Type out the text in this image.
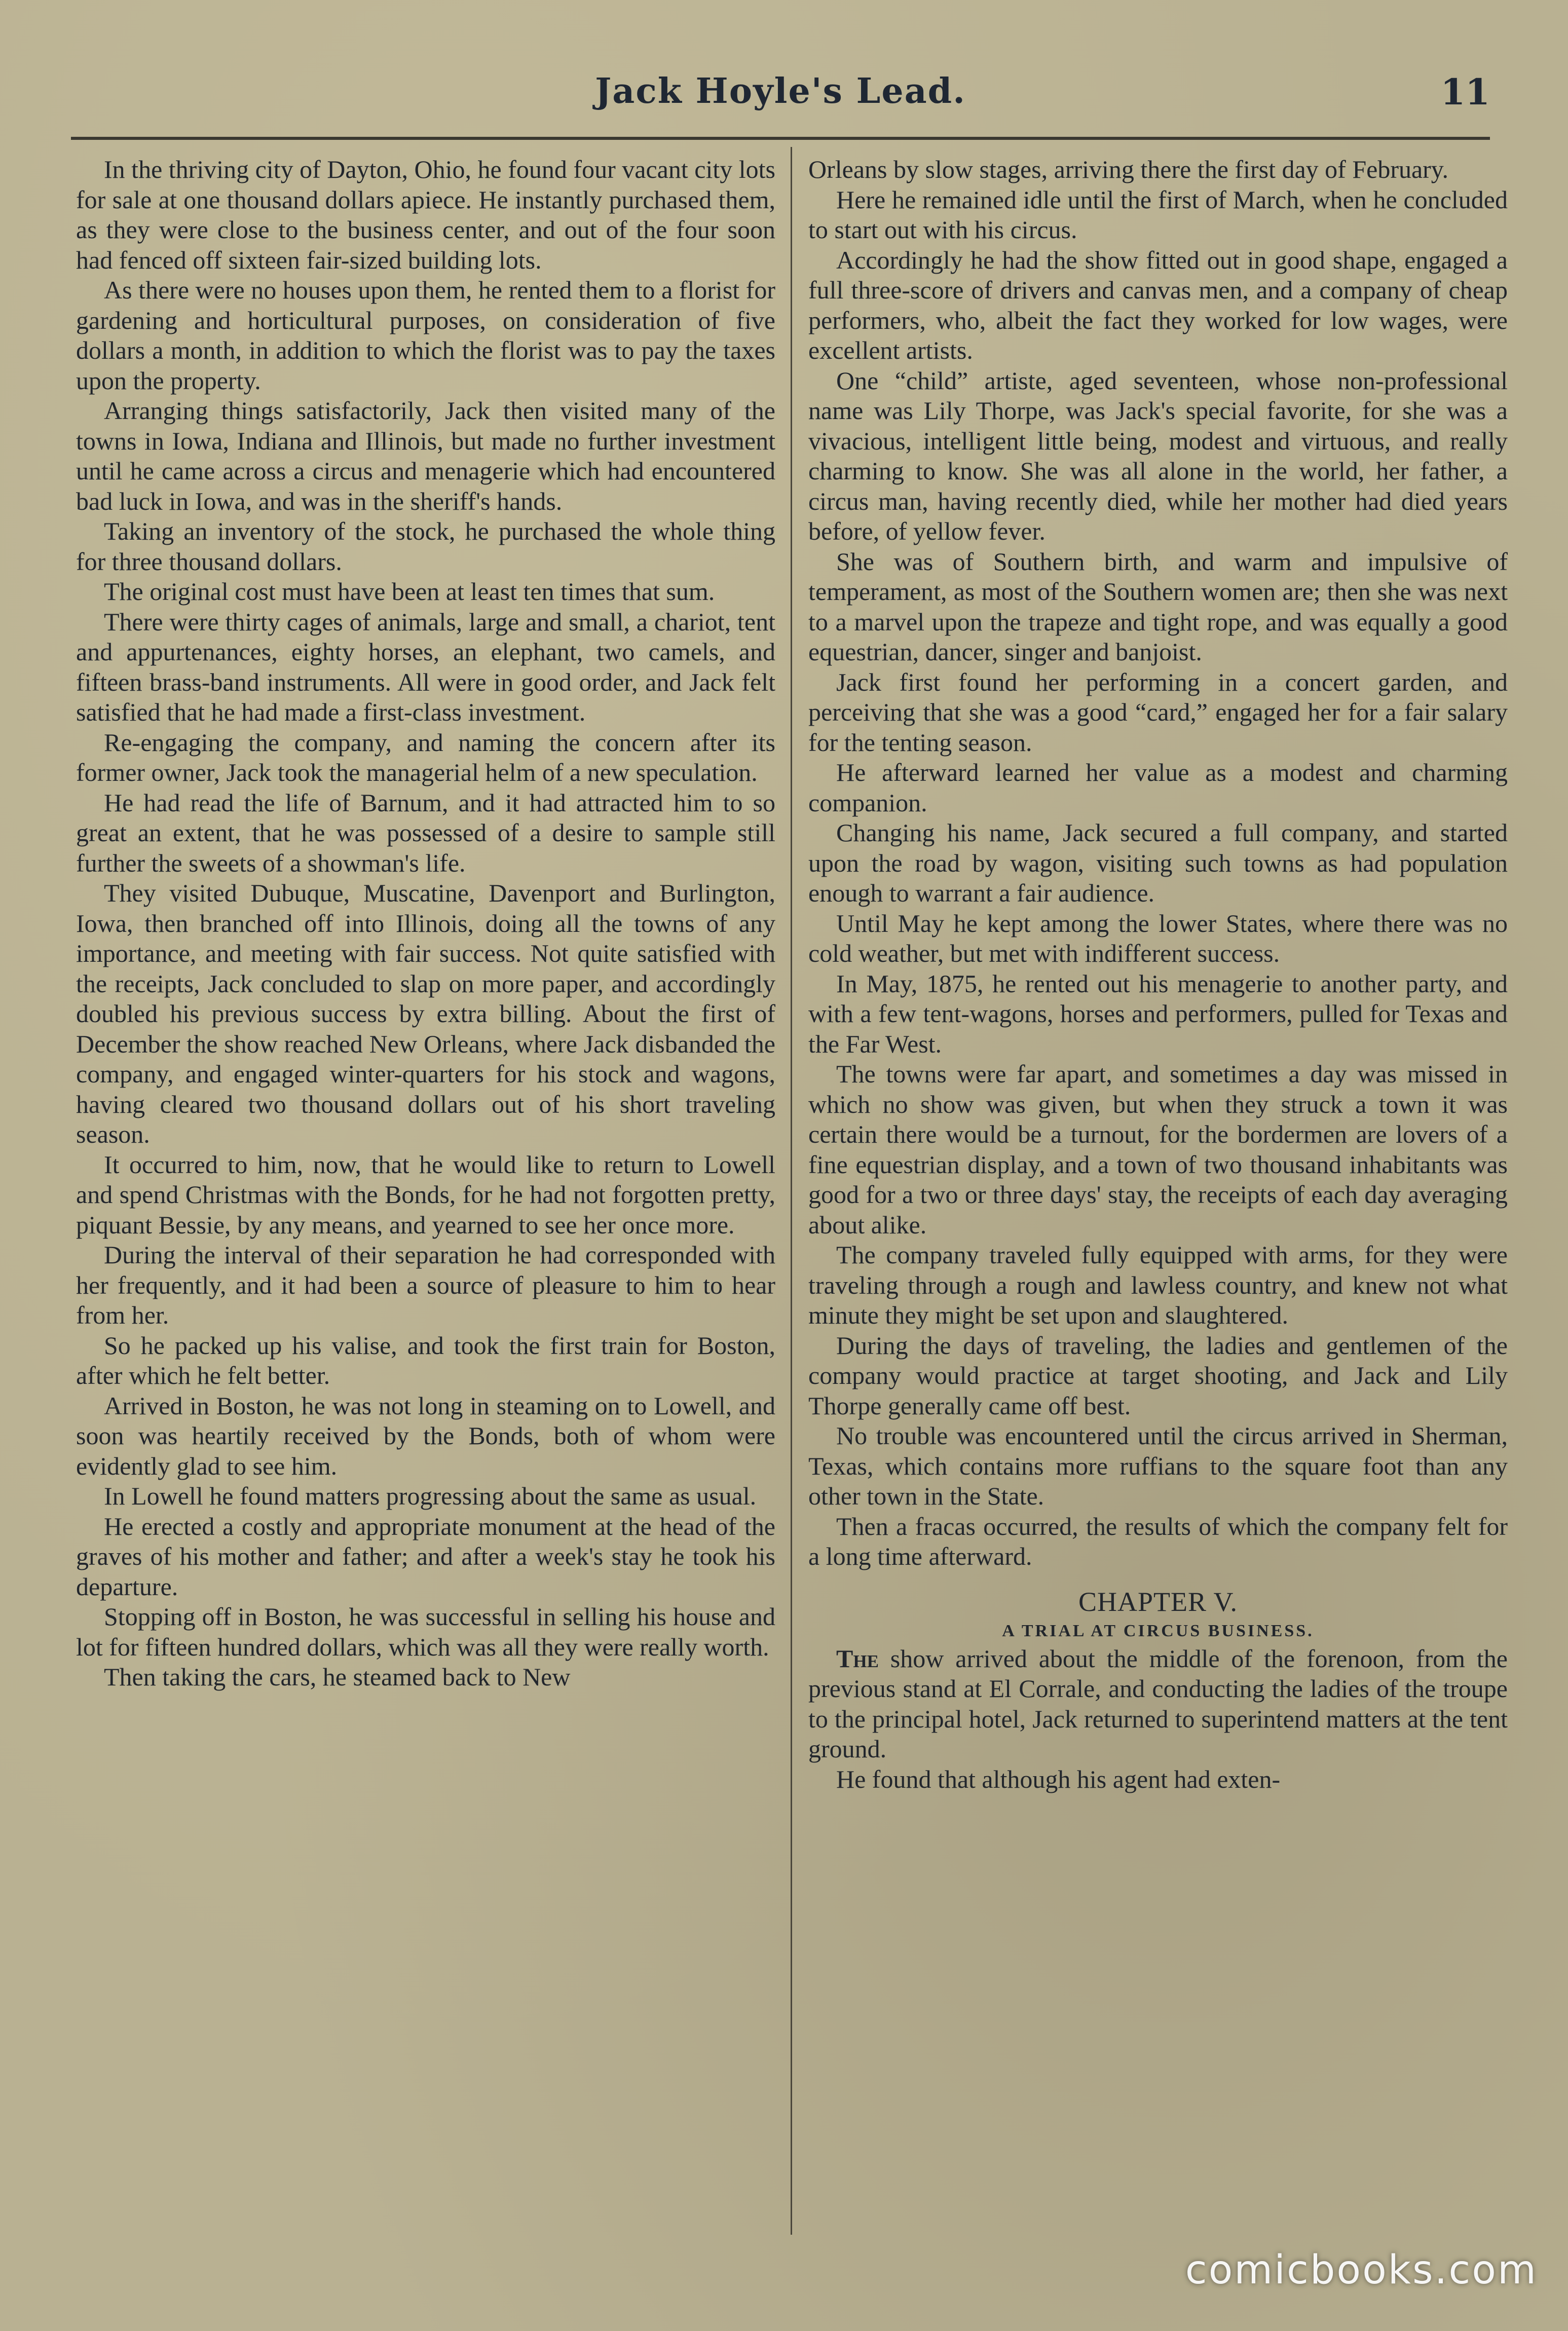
Jack Hoyle's Lead.	11

In the thriving city of Dayton, Ohio, he found four vacant city lots for sale at one thousand dollars apiece. He instantly purchased them, as they were close to the business center, and out of the four soon had fenced off sixteen fair-sized building lots.

As there were no houses upon them, he rented them to a florist for gardening and horticultural purposes, on consideration of five dollars a month, in addition to which the florist was to pay the taxes upon the property.

Arranging things satisfactorily, Jack then visited many of the towns in Iowa, Indiana and Illinois, but made no further investment until he came across a circus and menagerie which had encountered bad luck in Iowa, and was in the sheriff's hands.

Taking an inventory of the stock, he purchased the whole thing for three thousand dollars.

The original cost must have been at least ten times that sum.

There were thirty cages of animals, large and small, a chariot, tent and appurtenances, eighty horses, an elephant, two camels, and fifteen brass-band instruments. All were in good order, and Jack felt satisfied that he had made a first-class investment.

Re-engaging the company, and naming the concern after its former owner, Jack took the managerial helm of a new speculation.

He had read the life of Barnum, and it had attracted him to so great an extent, that he was possessed of a desire to sample still further the sweets of a showman's life.

They visited Dubuque, Muscatine, Davenport and Burlington, Iowa, then branched off into Illinois, doing all the towns of any importance, and meeting with fair success. Not quite satisfied with the receipts, Jack concluded to slap on more paper, and accordingly doubled his previous success by extra billing. About the first of December the show reached New Orleans, where Jack disbanded the company, and engaged winter-quarters for his stock and wagons, having cleared two thousand dollars out of his short traveling season.

It occurred to him, now, that he would like to return to Lowell and spend Christmas with the Bonds, for he had not forgotten pretty, piquant Bessie, by any means, and yearned to see her once more.

During the interval of their separation he had corresponded with her frequently, and it had been a source of pleasure to him to hear from her.

So he packed up his valise, and took the first train for Boston, after which he felt better.

Arrived in Boston, he was not long in steaming on to Lowell, and soon was heartily received by the Bonds, both of whom were evidently glad to see him.

In Lowell he found matters progressing about the same as usual.

He erected a costly and appropriate monument at the head of the graves of his mother and father; and after a week's stay he took his departure.

Stopping off in Boston, he was successful in selling his house and lot for fifteen hundred dollars, which was all they were really worth.

Then taking the cars, he steamed back to New

Orleans by slow stages, arriving there the first day of February.

Here he remained idle until the first of March, when he concluded to start out with his circus.

Accordingly he had the show fitted out in good shape, engaged a full three-score of drivers and canvas men, and a company of cheap performers, who, albeit the fact they worked for low wages, were excellent artists.

One “child” artiste, aged seventeen, whose non-professional name was Lily Thorpe, was Jack's special favorite, for she was a vivacious, intelligent little being, modest and virtuous, and really charming to know. She was all alone in the world, her father, a circus man, having recently died, while her mother had died years before, of yellow fever.

She was of Southern birth, and warm and impulsive of temperament, as most of the Southern women are; then she was next to a marvel upon the trapeze and tight rope, and was equally a good equestrian, dancer, singer and banjoist.

Jack first found her performing in a concert garden, and perceiving that she was a good “card,” engaged her for a fair salary for the tenting season.

He afterward learned her value as a modest and charming companion.

Changing his name, Jack secured a full company, and started upon the road by wagon, visiting such towns as had population enough to warrant a fair audience.

Until May he kept among the lower States, where there was no cold weather, but met with indifferent success.

In May, 1875, he rented out his menagerie to another party, and with a few tent-wagons, horses and performers, pulled for Texas and the Far West.

The towns were far apart, and sometimes a day was missed in which no show was given, but when they struck a town it was certain there would be a turnout, for the bordermen are lovers of a fine equestrian display, and a town of two thousand inhabitants was good for a two or three days' stay, the receipts of each day averaging about alike.

The company traveled fully equipped with arms, for they were traveling through a rough and lawless country, and knew not what minute they might be set upon and slaughtered.

During the days of traveling, the ladies and gentlemen of the company would practice at target shooting, and Jack and Lily Thorpe generally came off best.

No trouble was encountered until the circus arrived in Sherman, Texas, which contains more ruffians to the square foot than any other town in the State.

Then a fracas occurred, the results of which the company felt for a long time afterward.

CHAPTER V.
A TRIAL AT CIRCUS BUSINESS.

The show arrived about the middle of the forenoon, from the previous stand at El Corrale, and conducting the ladies of the troupe to the principal hotel, Jack returned to superintend matters at the tent ground.

He found that although his agent had exten-

comicbooks.com
